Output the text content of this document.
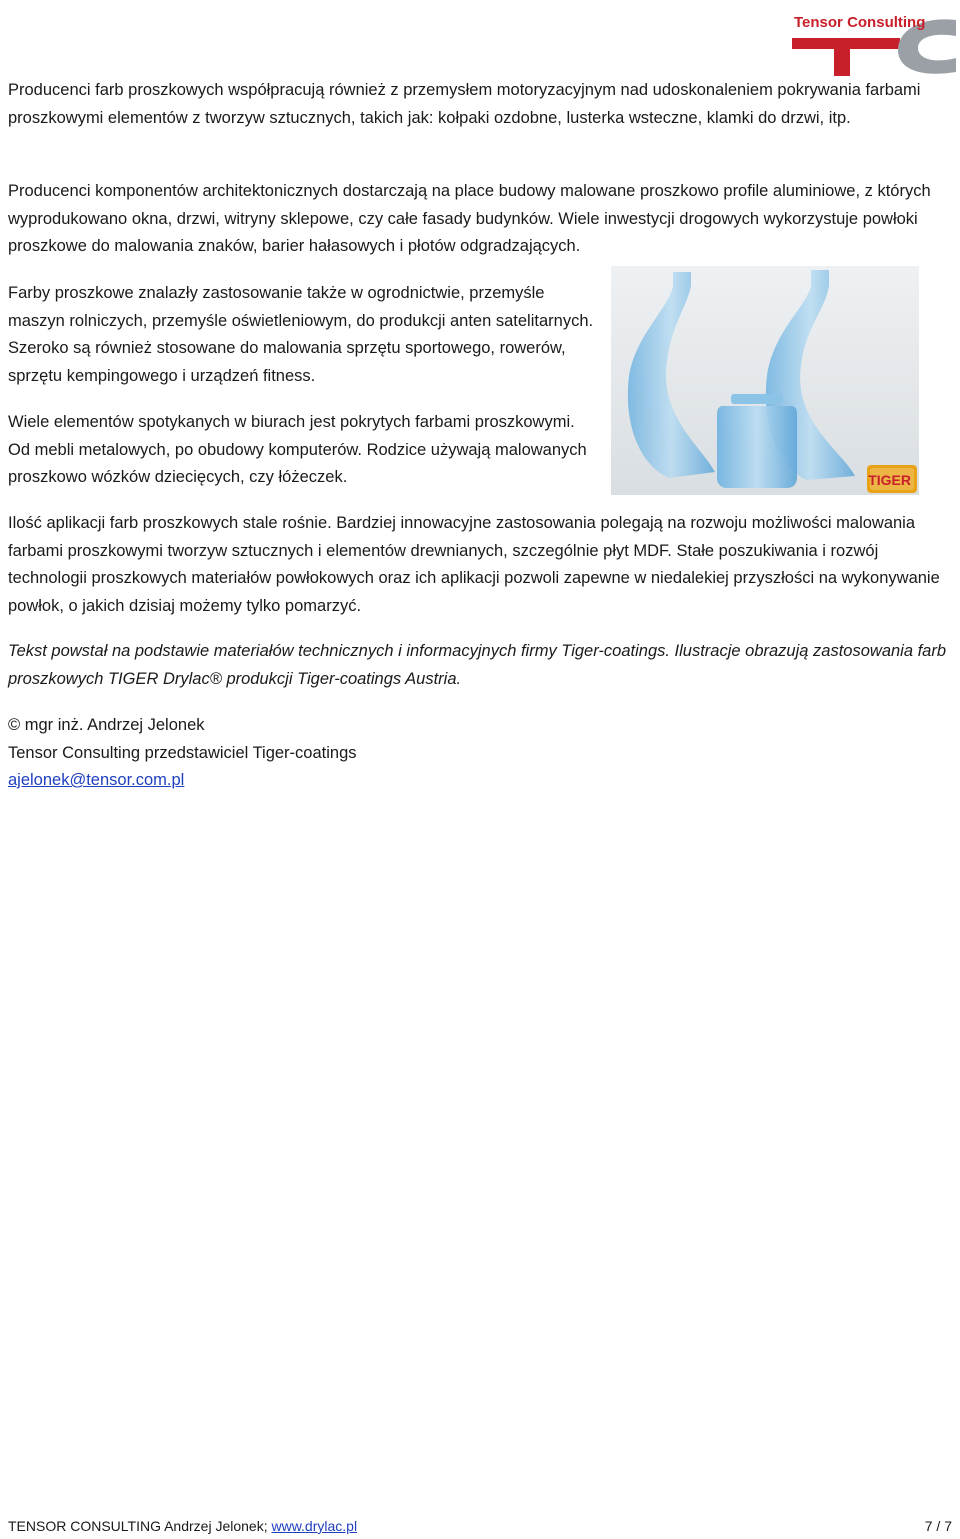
Tensor Consulting

Producenci farb proszkowych współpracują również z przemysłem motoryzacyjnym nad udoskonaleniem pokrywania farbami proszkowymi elementów z tworzyw sztucznych, takich jak: kołpaki ozdobne, lusterka wsteczne, klamki do drzwi, itp.

Producenci komponentów architektonicznych dostarczają na place budowy malowane proszkowo profile aluminiowe, z których wyprodukowano okna, drzwi, witryny sklepowe, czy całe fasady budynków. Wiele inwestycji drogowych wykorzystuje powłoki proszkowe do malowania znaków, barier hałasowych i płotów odgradzających.

Farby proszkowe znalazły zastosowanie także w ogrodnictwie, przemyśle maszyn rolniczych, przemyśle oświetleniowym, do produkcji anten satelitarnych. Szeroko są również stosowane do malowania sprzętu sportowego, rowerów, sprzętu kempingowego i urządzeń fitness.

Wiele elementów spotykanych w biurach jest pokrytych farbami proszkowymi. Od mebli metalowych, po obudowy komputerów. Rodzice używają malowanych proszkowo wózków dziecięcych, czy łóżeczek.

Ilość aplikacji farb proszkowych stale rośnie. Bardziej innowacyjne zastosowania polegają na rozwoju możliwości malowania farbami proszkowymi tworzyw sztucznych i elementów drewnianych, szczególnie płyt MDF. Stałe poszukiwania i rozwój technologii proszkowych materiałów powłokowych oraz ich aplikacji pozwoli zapewne w niedalekiej przyszłości na wykonywanie powłok, o jakich dzisiaj możemy tylko pomarzyć.

Tekst powstał na podstawie materiałów technicznych i informacyjnych firmy Tiger-coatings. Ilustracje obrazują zastosowania farb proszkowych TIGER Drylac® produkcji Tiger-coatings Austria.

TIGER
© mgr inż. Andrzej Jelonek
Tensor Consulting przedstawiciel Tiger-coatings
ajelonek@tensor.com.pl
TENSOR CONSULTING Andrzej Jelonek; www.drylac.pl	7 / 7
